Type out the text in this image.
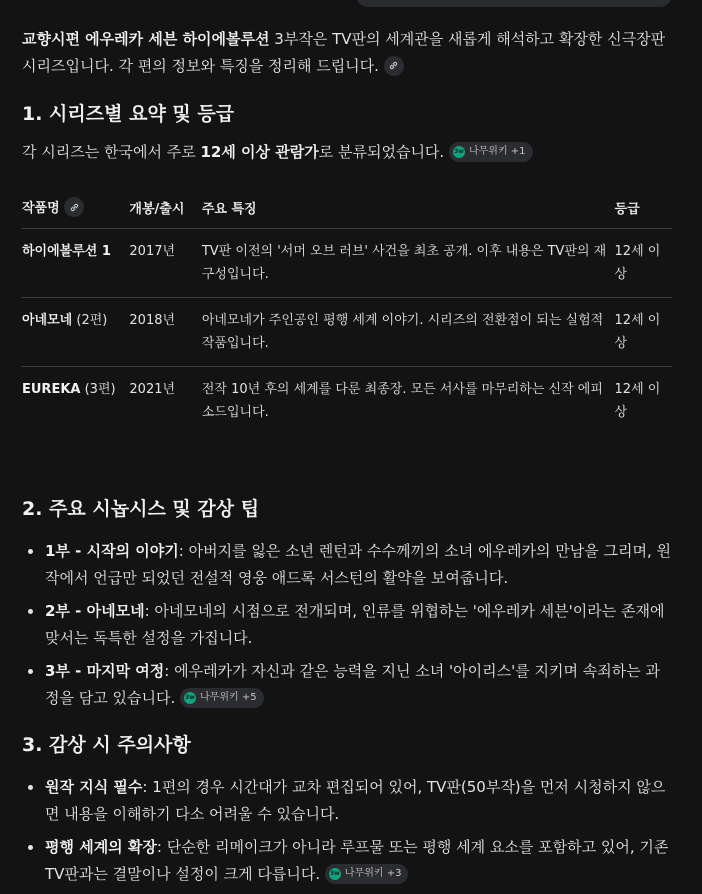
교향시편 에우레카 세븐 하이에볼루션 3부작은 TV판의 세계관을 새롭게 해석하고 확장한 신극장판 시리즈입니다. 각 편의 정보와 특징을 정리해 드립니다.

1. 시리즈별 요약 및 등급

각 시리즈는 한국에서 주로 12세 이상 관람가로 분류되었습니다. 3w 나무위키 +1

작품명	개봉/출시	주요 특징	등급
하이에볼루션 1	2017년	TV판 이전의 '서머 오브 러브' 사건을 최초 공개. 이후 내용은 TV판의 재구성입니다.	12세 이상
아네모네 (2편)	2018년	아네모네가 주인공인 평행 세계 이야기. 시리즈의 전환점이 되는 실험적 작품입니다.	12세 이상
EUREKA (3편)	2021년	전작 10년 후의 세계를 다룬 최종장. 모든 서사를 마무리하는 신작 에피소드입니다.	12세 이상
2. 주요 시놉시스 및 감상 팁
1부 - 시작의 이야기: 아버지를 잃은 소년 렌턴과 수수께끼의 소녀 에우레카의 만남을 그리며, 원작에서 언급만 되었던 전설적 영웅 애드록 서스턴의 활약을 보여줍니다.
2부 - 아네모네: 아네모네의 시점으로 전개되며, 인류를 위협하는 '에우레카 세븐'이라는 존재에 맞서는 독특한 설정을 가집니다.
3부 - 마지막 여정: 에우레카가 자신과 같은 능력을 지닌 소녀 '아이리스'를 지키며 속죄하는 과정을 담고 있습니다. 3w 나무위키 +5
3. 감상 시 주의사항
원작 지식 필수: 1편의 경우 시간대가 교차 편집되어 있어, TV판(50부작)을 먼저 시청하지 않으면 내용을 이해하기 다소 어려울 수 있습니다.
평행 세계의 확장: 단순한 리메이크가 아니라 루프물 또는 평행 세계 요소를 포함하고 있어, 기존 TV판과는 결말이나 설정이 크게 다릅니다. 3w 나무위키 +3
